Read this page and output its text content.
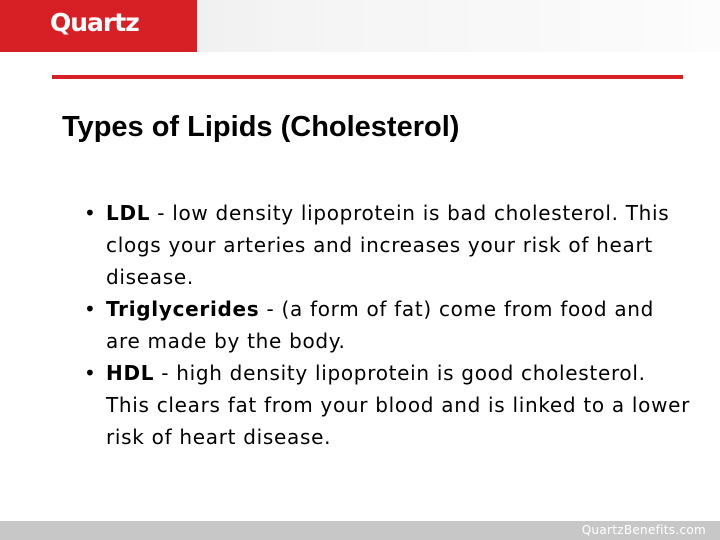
Quartz
Types of Lipids (Cholesterol)
• LDL - low density lipoprotein is bad cholesterol. This clogs your arteries and increases your risk of heart disease.
• Triglycerides - (a form of fat) come from food and are made by the body.
• HDL - high density lipoprotein is good cholesterol. This clears fat from your blood and is linked to a lower risk of heart disease.
QuartzBenefits.com
